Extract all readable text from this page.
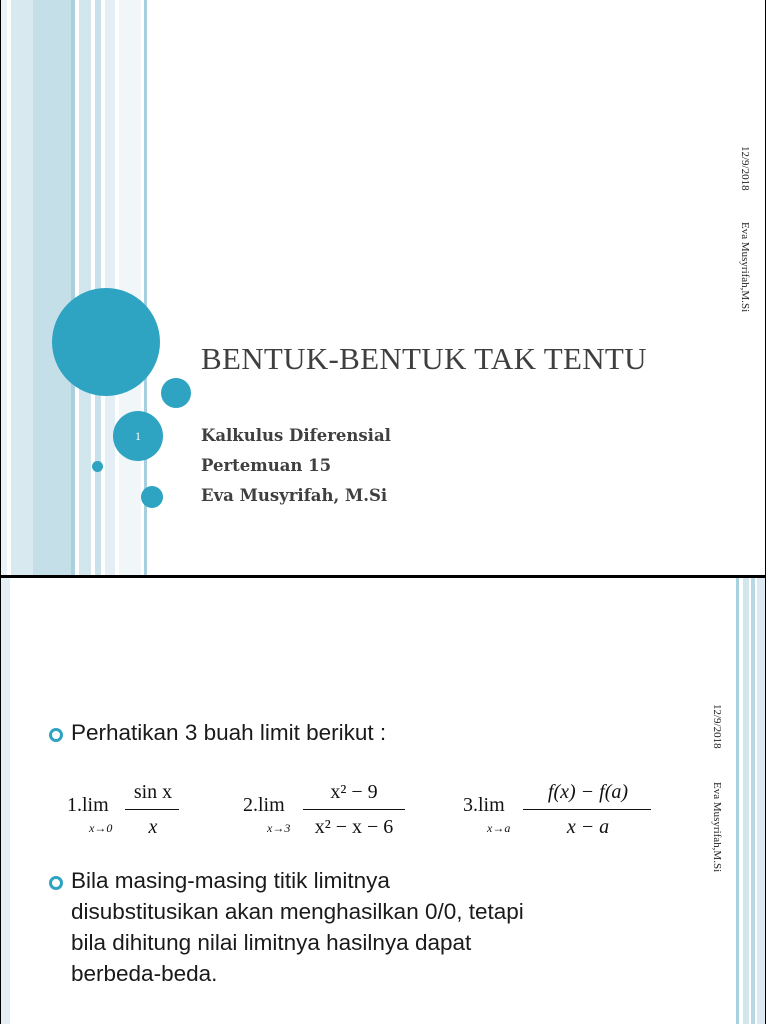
1
BENTUK-BENTUK TAK TENTU
Kalkulus Diferensial
Pertemuan 15
Eva Musyrifah, M.Si
12/9/2018
Eva Musyrifah,M.Si
Perhatikan 3 buah limit berikut :
1.lim
x→0
sin x
x
2.lim
x→3
x² − 9
x² − x − 6
3.lim
x→a
f(x) − f(a)
x − a
Bila masing-masing titik limitnya
disubstitusikan akan menghasilkan 0/0, tetapi
bila dihitung nilai limitnya hasilnya dapat
berbeda-beda.
12/9/2018
Eva Musyrifah,M.Si
